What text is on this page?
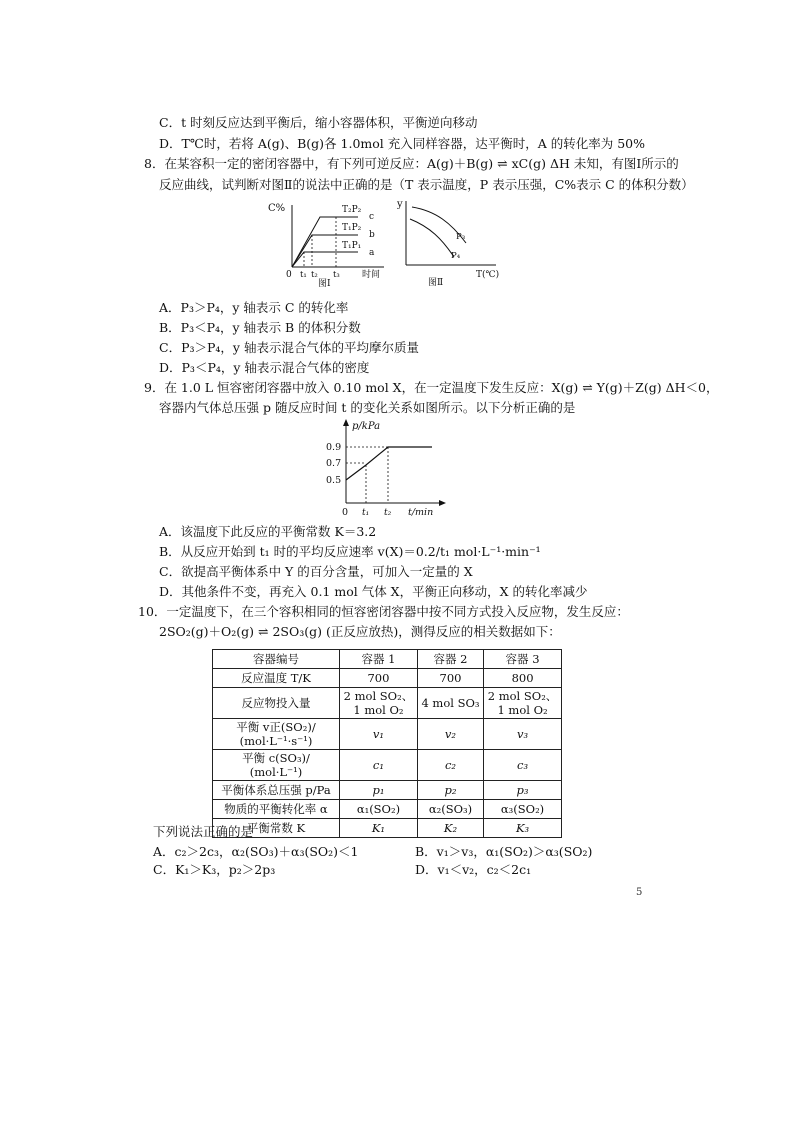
C．t 时刻反应达到平衡后，缩小容器体积，平衡逆向移动
D．T℃时，若将 A(g)、B(g)各 1.0mol 充入同样容器，达平衡时，A 的转化率为 50%
8．在某容积一定的密闭容器中，有下列可逆反应：A(g)＋B(g) ⇌ xC(g) ΔH 未知，有图Ⅰ所示的
反应曲线，试判断对图Ⅱ的说法中正确的是（T 表示温度，P 表示压强，C%表示 C 的体积分数）
C%	T₂P₂
T₁P₂
T₁P₁
c
b
a
0 t₁ t₂ t₃ 时间
图Ⅰ
y
P₃
P₄
T(℃)
图Ⅱ
A．P₃＞P₄，y 轴表示 C 的转化率
B．P₃＜P₄，y 轴表示 B 的体积分数
C．P₃＞P₄，y 轴表示混合气体的平均摩尔质量
D．P₃＜P₄，y 轴表示混合气体的密度
9．在 1.0 L 恒容密闭容器中放入 0.10 mol X，在一定温度下发生反应：X(g) ⇌ Y(g)＋Z(g) ΔH＜0，
容器内气体总压强 p 随反应时间 t 的变化关系如图所示。以下分析正确的是
p/kPa
0.9
0.7
0.5
0 t₁ t₂ t/min
A．该温度下此反应的平衡常数 K＝3.2
B．从反应开始到 t₁ 时的平均反应速率 v(X)＝0.2/t₁ mol·L⁻¹·min⁻¹
C．欲提高平衡体系中 Y 的百分含量，可加入一定量的 X
D．其他条件不变，再充入 0.1 mol 气体 X，平衡正向移动，X 的转化率减少
10．一定温度下，在三个容积相同的恒容密闭容器中按不同方式投入反应物，发生反应：
2SO₂(g)＋O₂(g) ⇌ 2SO₃(g) (正反应放热)，测得反应的相关数据如下：
容器编号	容器 1	容器 2	容器 3
反应温度 T/K	700	700	800
反应物投入量	2 mol SO₂、
1 mol O₂	4 mol SO₃	2 mol SO₂、
1 mol O₂
平衡 v正(SO₂)/
(mol·L⁻¹·s⁻¹)	v₁	v₂	v₃
平衡 c(SO₃)/ (mol·L⁻¹)	c₁	c₂	c₃
平衡体系总压强 p/Pa	p₁	p₂	p₃
物质的平衡转化率 α	α₁(SO₂)	α₂(SO₃)	α₃(SO₂)
平衡常数 K	K₁	K₂	K₃
下列说法正确的是
A．c₂＞2c₃，α₂(SO₃)＋α₃(SO₂)＜1	B．v₁＞v₃，α₁(SO₂)＞α₃(SO₂)
C．K₁＞K₃，p₂＞2p₃	D．v₁＜v₂，c₂＜2c₁
5
